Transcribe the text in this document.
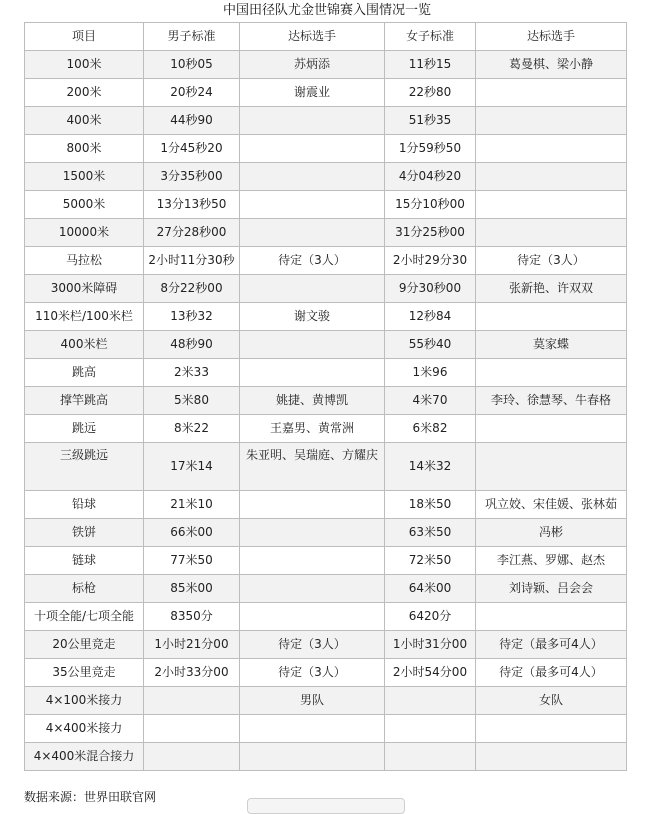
中国田径队尤金世锦赛入围情况一览
项目	男子标准	达标选手	女子标准	达标选手
100米	10秒05	苏炳添	11秒15	葛曼棋、梁小静
200米	20秒24	谢震业	22秒80	
400米	44秒90		51秒35	
800米	1分45秒20		1分59秒50	
1500米	3分35秒00		4分04秒20	
5000米	13分13秒50		15分10秒00	
10000米	27分28秒00		31分25秒00	
马拉松	2小时11分30秒	待定（3人）	2小时29分30	待定（3人）
3000米障碍	8分22秒00		9分30秒00	张新艳、许双双
110米栏/100米栏	13秒32	谢文骏	12秒84	
400米栏	48秒90		55秒40	莫家蝶
跳高	2米33		1米96	
撑竿跳高	5米80	姚捷、黄博凯	4米70	李玲、徐慧琴、牛春格
跳远	8米22	王嘉男、黄常洲	6米82	
三级跳远	17米14	朱亚明、吴瑞庭、方耀庆	14米32	
铅球	21米10		18米50	巩立姣、宋佳媛、张林茹
铁饼	66米00		63米50	冯彬
链球	77米50		72米50	李江燕、罗娜、赵杰
标枪	85米00		64米00	刘诗颖、吕会会
十项全能/七项全能	8350分		6420分	
20公里竞走	1小时21分00	待定（3人）	1小时31分00	待定（最多可4人）
35公里竞走	2小时33分00	待定（3人）	2小时54分00	待定（最多可4人）
4×100米接力		男队		女队
4×400米接力				
4×400米混合接力				
数据来源：世界田联官网
